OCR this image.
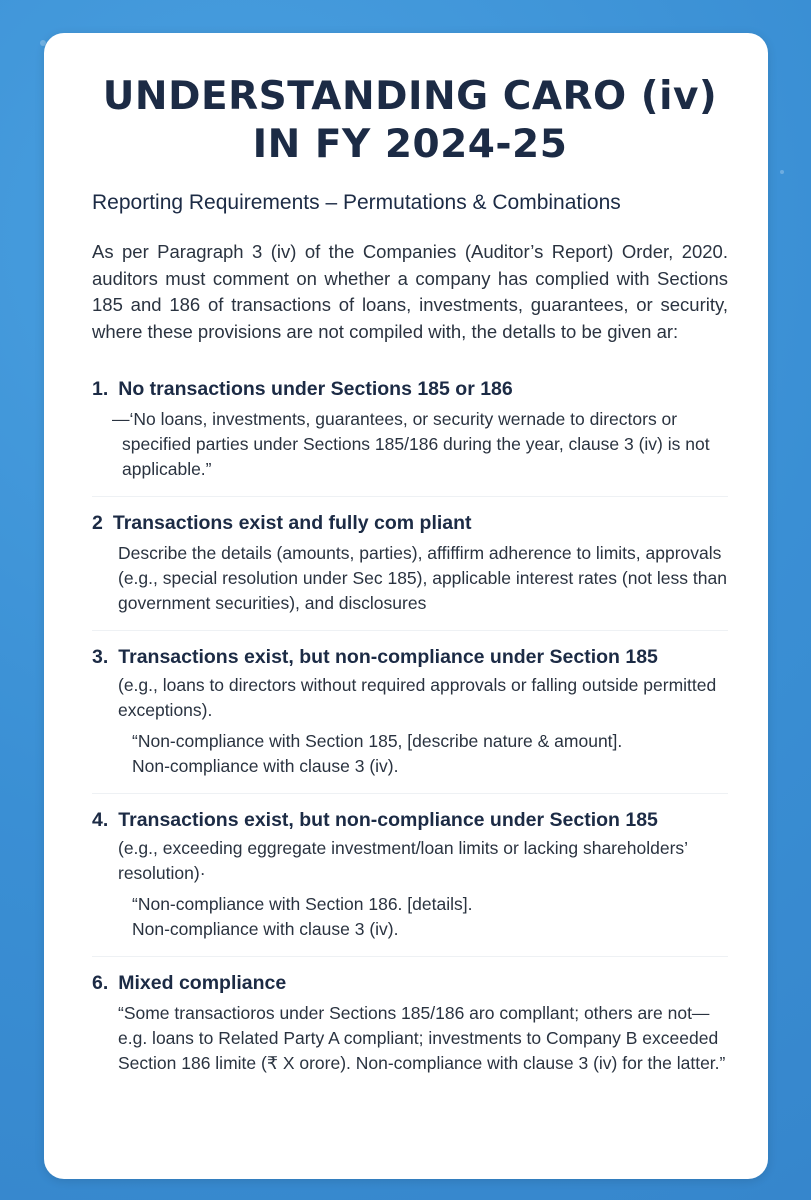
UNDERSTANDING CARO (iv)
IN FY 2024-25
Reporting Requirements – Permutations & Combinations

As per Paragraph 3 (iv) of the Companies (Auditor’s Report) Order, 2020. auditors must comment on whether a company has complied with Sections 185 and 186 of transactions of loans, investments, guarantees, or security, where these provisions are not compiled with, the detalls to be given ar:

1. No transactions under Sections 185 or 186
—‘No loans, investments, guarantees, or security wernade to directors or specified parties under Sections 185/186 during the year, clause 3 (iv) is not applicable.”
2 Transactions exist and fully com pliant
Describe the details (amounts, parties), affiffirm adherence to limits, approvals (e.g., special resolution under Sec 185), applicable interest rates (not less than government securities), and disclosures
3. Transactions exist, but non-compliance under Section 185
(e.g., loans to directors without required approvals or falling outside permitted exceptions).
“Non-compliance with Section 185, [describe nature & amount].
Non-compliance with clause 3 (iv).
4. Transactions exist, but non-compliance under Section 185
(e.g., exceeding eggregate investment/loan limits or lacking shareholders’ resolution)·
“Non-compliance with Section 186. [details].
Non-compliance with clause 3 (iv).
6. Mixed compliance
“Some transactioros under Sections 185/186 aro compllant; others are not— e.g. loans to Related Party A compliant; investments to Company B exceeded Section 186 limite (₹ X orore). Non-compliance with clause 3 (iv) for the latter.”
